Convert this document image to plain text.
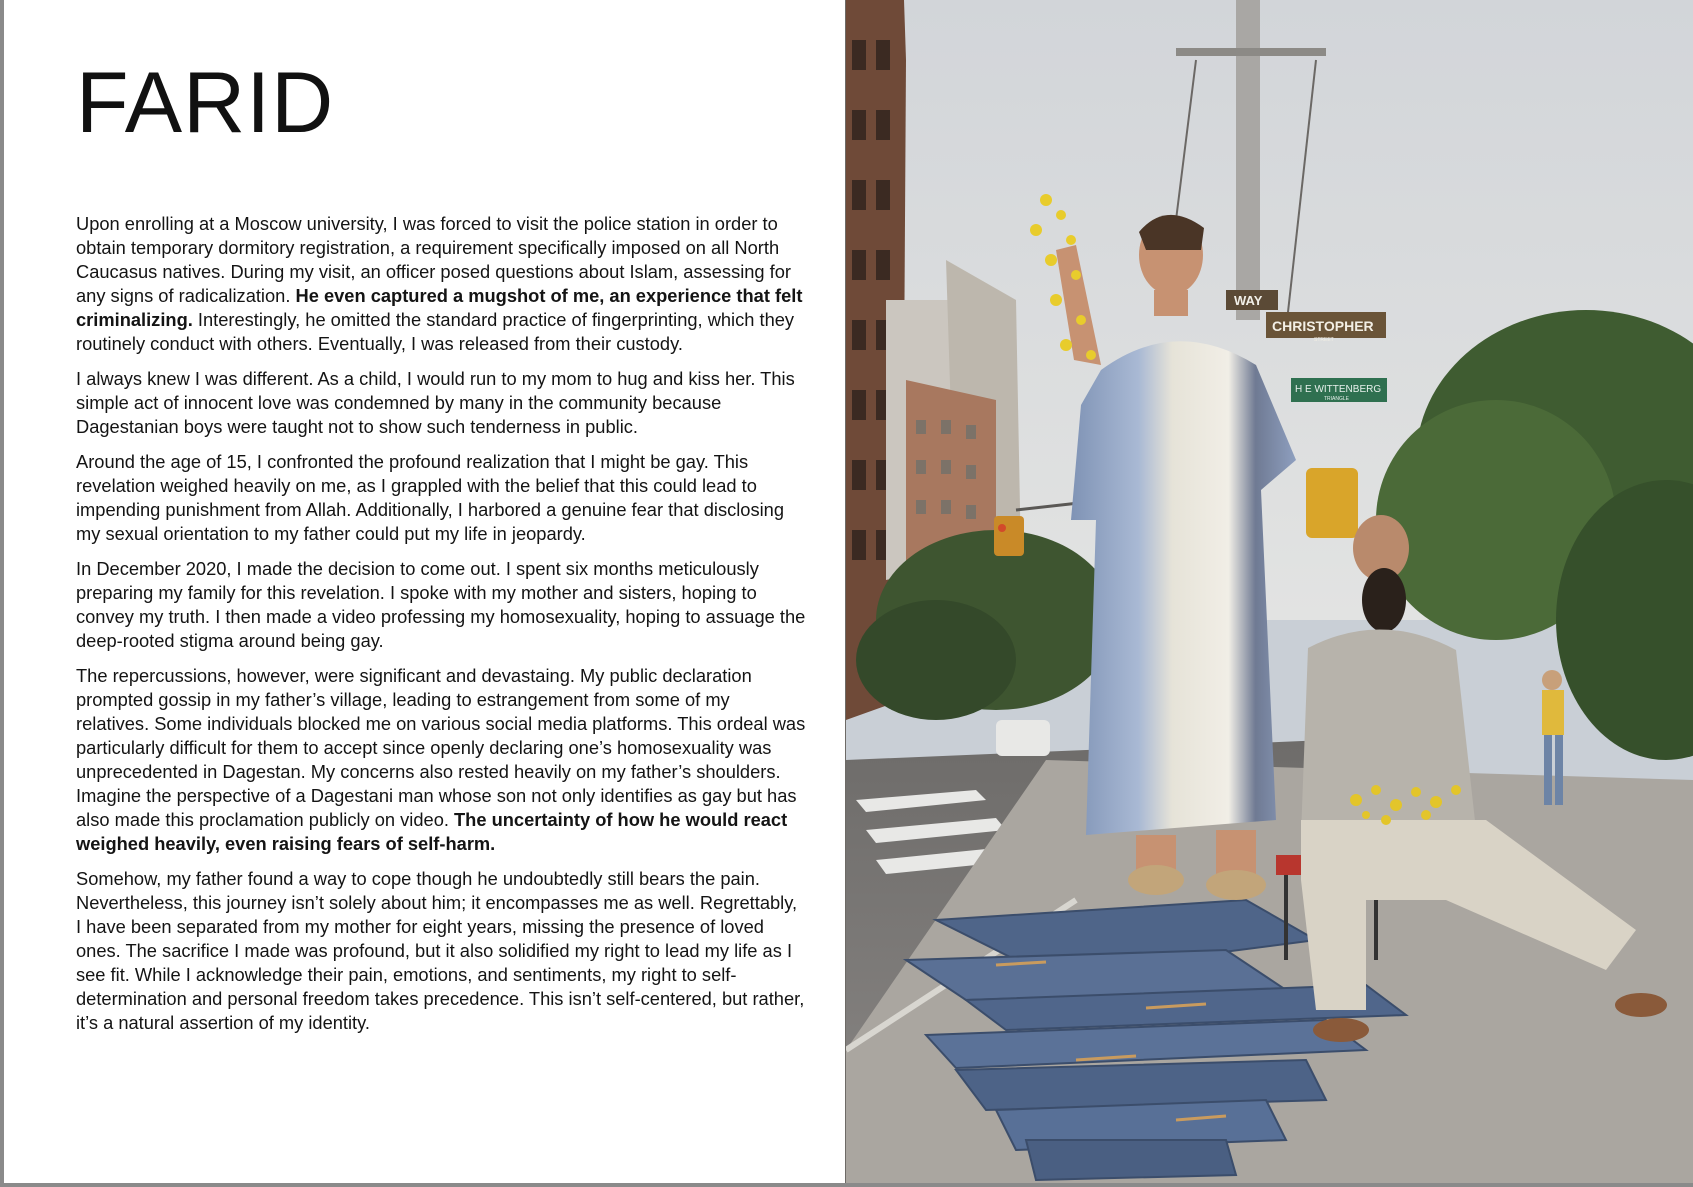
FARID

Upon enrolling at a Moscow university, I was forced to visit the police station in order to obtain temporary dormitory registration, a requirement specifically imposed on all North Caucasus natives. During my visit, an officer posed questions about Islam, assessing for any signs of radicalization. He even captured a mugshot of me, an experience that felt criminalizing. Interestingly, he omitted the standard practice of fingerprinting, which they routinely conduct with others. Eventually, I was released from their custody.

I always knew I was different. As a child, I would run to my mom to hug and kiss her. This simple act of innocent love was condemned by many in the community because Dagestanian boys were taught not to show such tenderness in public.

Around the age of 15, I confronted the profound realization that I might be gay. This revelation weighed heavily on me, as I grappled with the belief that this could lead to impending punishment from Allah. Additionally, I harbored a genuine fear that disclosing my sexual orientation to my father could put my life in jeopardy.

In December 2020, I made the decision to come out. I spent six months meticulously preparing my family for this revelation. I spoke with my mother and sisters, hoping to convey my truth. I then made a video professing my homosexuality, hoping to assuage the deep-rooted stigma around being gay.

The repercussions, however, were significant and devastaing. My public declaration prompted gossip in my father’s village, leading to estrangement from some of my relatives. Some individuals blocked me on various social media platforms. This ordeal was particularly difficult for them to accept since openly declaring one’s homosexuality was unprecedented in Dagestan. My concerns also rested heavily on my father’s shoulders. Imagine the perspective of a Dagestani man whose son not only identifies as gay but has also made this proclamation publicly on video. The uncertainty of how he would react weighed heavily, even raising fears of self-harm.

Somehow, my father found a way to cope though he undoubtedly still bears the pain. Nevertheless, this journey isn’t solely about him; it encompasses me as well. Regrettably, I have been separated from my mother for eight years, missing the presence of loved ones. The sacrifice I made was profound, but it also solidified my right to lead my life as I see fit. While I acknowledge their pain, emotions, and sentiments, my right to self-determination and personal freedom takes precedence. This isn’t self-centered, but rather, it’s a natural assertion of my identity.

WAY
CHRISTOPHER
STREET
H E WITTENBERG
TRIANGLE
